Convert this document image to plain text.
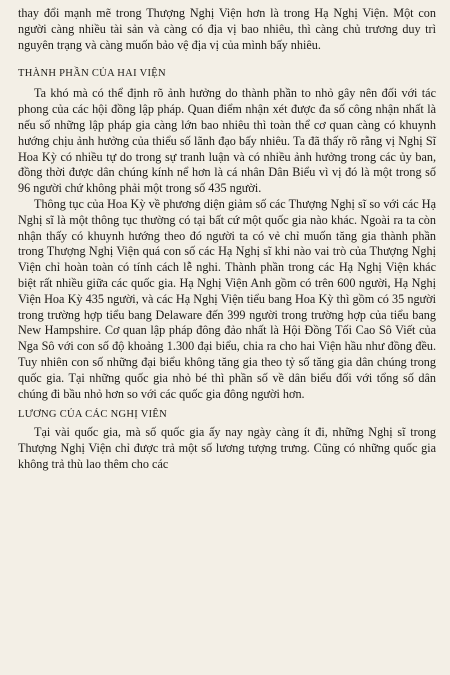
thay đổi mạnh mẽ trong Thượng Nghị Viện hơn là trong Hạ Nghị Viện. Một con người càng nhiều tài sản và càng có địa vị bao nhiêu, thì càng chủ trương duy trì nguyên trạng và càng muốn bảo vệ địa vị của mình bấy nhiêu.

THÀNH PHẦN CỦA HAI VIỆN

Ta khó mà có thể định rõ ảnh hưởng do thành phần to nhỏ gây nên đối với tác phong của các hội đồng lập pháp. Quan điểm nhận xét được đa số công nhận nhất là nếu số những lập pháp gia càng lớn bao nhiêu thì toàn thể cơ quan càng có khuynh hướng chịu ảnh hưởng của thiểu số lãnh đạo bấy nhiêu. Ta đã thấy rõ rằng vị Nghị Sĩ Hoa Kỳ có nhiều tự do trong sự tranh luận và có nhiều ảnh hưởng trong các ủy ban, đồng thời được dân chúng kính nể hơn là cá nhân Dân Biểu vì vị đó là một trong số 96 người chứ không phải một trong số 435 người.

Thông tục của Hoa Kỳ về phương diện giảm số các Thượng Nghị sĩ so với các Hạ Nghị sĩ là một thông tục thường có tại bất cứ một quốc gia nào khác. Ngoài ra ta còn nhận thấy có khuynh hướng theo đó người ta có vẻ chỉ muốn tăng gia thành phần trong Thượng Nghị Viện quá con số các Hạ Nghị sĩ khi nào vai trò của Thượng Nghị Viện chỉ hoàn toàn có tính cách lễ nghi. Thành phần trong các Hạ Nghị Viện khác biệt rất nhiều giữa các quốc gia. Hạ Nghị Viện Anh gồm có trên 600 người, Hạ Nghị Viện Hoa Kỳ 435 người, và các Hạ Nghị Viện tiểu bang Hoa Kỳ thì gồm có 35 người trong trường hợp tiểu bang Delaware đến 399 người trong trường hợp của tiểu bang New Hampshire. Cơ quan lập pháp đông đảo nhất là Hội Đồng Tối Cao Sô Viết của Nga Sô với con số độ khoảng 1.300 đại biểu, chia ra cho hai Viện hầu như đồng đều. Tuy nhiên con số những đại biểu không tăng gia theo tỷ số tăng gia dân chúng trong quốc gia. Tại những quốc gia nhỏ bé thì phần số về dân biểu đối với tổng số dân chúng đi bầu nhỏ hơn so với các quốc gia đông người hơn.

LƯƠNG CỦA CÁC NGHỊ VIÊN

Tại vài quốc gia, mà số quốc gia ấy nay ngày càng ít đi, những Nghị sĩ trong Thượng Nghị Viện chỉ được trả một số lương tượng trưng. Cũng có những quốc gia không trả thù lao thêm cho các
